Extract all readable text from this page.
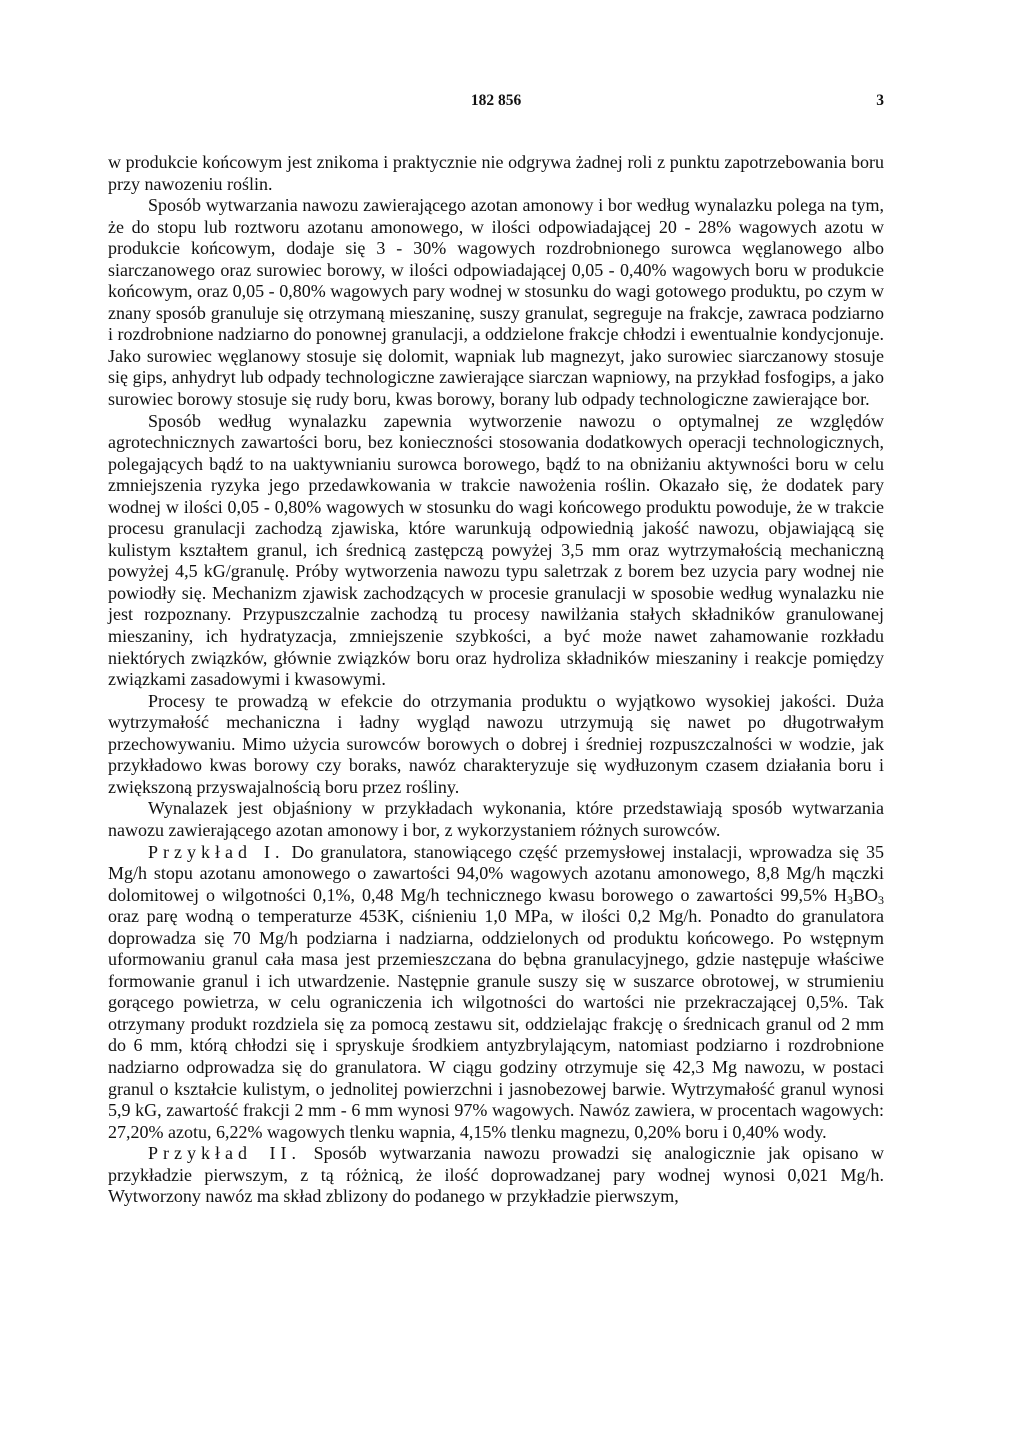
182 856	3

w produkcie końcowym jest znikoma i praktycznie nie odgrywa żadnej roli z punktu zapotrzebowania boru przy nawozeniu roślin.

Sposób wytwarzania nawozu zawierającego azotan amonowy i bor według wynalazku polega na tym, że do stopu lub roztworu azotanu amonowego, w ilości odpowiadającej 20 - 28% wagowych azotu w produkcie końcowym, dodaje się 3 - 30% wagowych rozdrobnionego surowca węglanowego albo siarczanowego oraz surowiec borowy, w ilości odpowiadającej 0,05 - 0,40% wagowych boru w produkcie końcowym, oraz 0,05 - 0,80% wagowych pary wodnej w stosunku do wagi gotowego produktu, po czym w znany sposób granuluje się otrzymaną mieszaninę, suszy granulat, segreguje na frakcje, zawraca podziarno i rozdrobnione nadziarno do ponownej granulacji, a oddzielone frakcje chłodzi i ewentualnie kondycjonuje. Jako surowiec węglanowy stosuje się dolomit, wapniak lub magnezyt, jako surowiec siarczanowy stosuje się gips, anhydryt lub odpady technologiczne zawierające siarczan wapniowy, na przykład fosfogips, a jako surowiec borowy stosuje się rudy boru, kwas borowy, borany lub odpady technologiczne zawierające bor.

Sposób według wynalazku zapewnia wytworzenie nawozu o optymalnej ze względów agrotechnicznych zawartości boru, bez konieczności stosowania dodatkowych operacji technologicznych, polegających bądź to na uaktywnianiu surowca borowego, bądź to na obniżaniu aktywności boru w celu zmniejszenia ryzyka jego przedawkowania w trakcie nawożenia roślin. Okazało się, że dodatek pary wodnej w ilości 0,05 - 0,80% wagowych w stosunku do wagi końcowego produktu powoduje, że w trakcie procesu granulacji zachodzą zjawiska, które warunkują odpowiednią jakość nawozu, objawiającą się kulistym kształtem granul, ich średnicą zastępczą powyżej 3,5 mm oraz wytrzymałością mechaniczną powyżej 4,5 kG/granulę. Próby wytworzenia nawozu typu saletrzak z borem bez uzycia pary wodnej nie powiodły się. Mechanizm zjawisk zachodzących w procesie granulacji w sposobie według wynalazku nie jest rozpoznany. Przypuszczalnie zachodzą tu procesy nawilżania stałych składników granulowanej mieszaniny, ich hydratyzacja, zmniejszenie szybkości, a być może nawet zahamowanie rozkładu niektórych związków, głównie związków boru oraz hydroliza składników mieszaniny i reakcje pomiędzy związkami zasadowymi i kwasowymi.

Procesy te prowadzą w efekcie do otrzymania produktu o wyjątkowo wysokiej jakości. Duża wytrzymałość mechaniczna i ładny wygląd nawozu utrzymują się nawet po długotrwałym przechowywaniu. Mimo użycia surowców borowych o dobrej i średniej rozpuszczalności w wodzie, jak przykładowo kwas borowy czy boraks, nawóz charakteryzuje się wydłuzonym czasem działania boru i zwiększoną przyswajalnością boru przez rośliny.

Wynalazek jest objaśniony w przykładach wykonania, które przedstawiają sposób wytwarzania nawozu zawierającego azotan amonowy i bor, z wykorzystaniem różnych surowców.

Przykład I. Do granulatora, stanowiącego część przemysłowej instalacji, wprowadza się 35 Mg/h stopu azotanu amonowego o zawartości 94,0% wagowych azotanu amonowego, 8,8 Mg/h mączki dolomitowej o wilgotności 0,1%, 0,48 Mg/h technicznego kwasu borowego o zawartości 99,5% $H_3BO_3$ oraz parę wodną o temperaturze 453K, ciśnieniu 1,0 MPa, w ilości 0,2 Mg/h. Ponadto do granulatora doprowadza się 70 Mg/h podziarna i nadziarna, oddzielonych od produktu końcowego. Po wstępnym uformowaniu granul cała masa jest przemieszczana do bębna granulacyjnego, gdzie następuje właściwe formowanie granul i ich utwardzenie. Następnie granule suszy się w suszarce obrotowej, w strumieniu gorącego powietrza, w celu ograniczenia ich wilgotności do wartości nie przekraczającej 0,5%. Tak otrzymany produkt rozdziela się za pomocą zestawu sit, oddzielając frakcję o średnicach granul od 2 mm do 6 mm, którą chłodzi się i spryskuje środkiem antyzbrylającym, natomiast podziarno i rozdrobnione nadziarno odprowadza się do granulatora. W ciągu godziny otrzymuje się 42,3 Mg nawozu, w postaci granul o kształcie kulistym, o jednolitej powierzchni i jasnobezowej barwie. Wytrzymałość granul wynosi 5,9 kG, zawartość frakcji 2 mm - 6 mm wynosi 97% wagowych. Nawóz zawiera, w procentach wagowych: 27,20% azotu, 6,22% wagowych tlenku wapnia, 4,15% tlenku magnezu, 0,20% boru i 0,40% wody.

Przykład II. Sposób wytwarzania nawozu prowadzi się analogicznie jak opisano w przykładzie pierwszym, z tą różnicą, że ilość doprowadzanej pary wodnej wynosi 0,021 Mg/h. Wytworzony nawóz ma skład zblizony do podanego w przykładzie pierwszym,
